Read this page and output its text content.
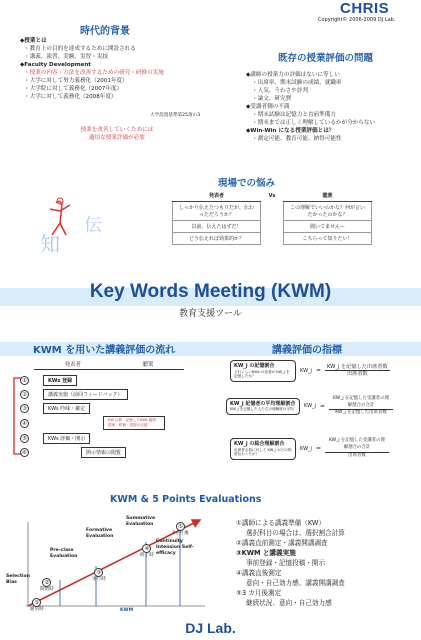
CHRIS
Copyright© 2006-2009 DJ Lab.
時代的背景
◆授業とは
・教育上の目的を達成するために開設される
・講義、演習、実験、実習・実技
◆Faculty Development
・授業の内容・方法を改善するための研究・研修の実施
・大学に対して努力義務化（2001年度）
・大学院に対して義務化（2007年度）
・大学に対して義務化（2008年度）
大学設置基準第25条の3
授業を改善していくためには
適切な授業評価が必要
既存の授業評価の問題
◆講師の授業力の評価はないに等しい
・出席率、期末試験の成績、就職率
・人気、うわさや評判
・論文、研究費
◆受講者側の不満
・期末試験は記憶力と直前準備力
・期末までは正しく理解しているかが分からない
◆Win-Win になる授業評価とは？
・測定可能、教育可能、納得可能性
現場での悩み
知
伝
発表者	Vs	聴衆
しっかり伝えたつもりだが、伝わっただろうか？		この理解でいいのかな？何が言いたかったのかな？
以前、伝えたはずだ！		聞いてませんー
どう伝えれば効果的か？		こちらって知りたい！
Key Words Meeting (KWM)
教育支援ツール
KWM を用いた講義評価の流れ
発表者	聴衆
①	KWs 登録
②	講義実施（前回フィードバック）
③	KWs 吟味・確定
④
KW 合算・記憶したKWs 範囲・提案・候補・把握の記録
⑤	KWs 評価・開示
⑥	開示情報の閲覧
講義評価の指標
KW_j の記憶割合
どれくらいKWs の表者が KW_j を記憶したか？
KW_j = $\frac{\text{KW\_j を記憶した出席者数}}{\text{出席者数}}$
KW_j 記憶者の平均理解割合
KW_j を記憶した人たちの理解度の平均	KW_j = $\frac{\text{KW\_j を記憶した受講者の理解割合の合計}}{\text{KW\_j を記憶した出席者数}}$
KW_j の総合理解割合
出席者全員に対して KW_j がどの程度伝わったか？
KW_j = $\frac{\text{KW\_j を記憶した受講者の理解割合の合計}}{\text{出席者数}}$
KWM & 5 Points Evaluations
Selection Bias
Pre-class Evaluation
Formative Evaluation
Summative Evaluation
Continuity Intension Self-efficacy
①
通常時
②
開始時
③
実行時
④
終了時
⑤
3ヵ月後
KWM
①講師による講義準備（KW）
選択科目の場合は、選択割合計算
②講義直前測定・講義開講調査
③KWM と講義実施
事前登録・記憶投稿・開示
④講義直後測定
意向・自己効力感、講義開講調査
⑤3 カ月後測定
継続状況、意向・自己効力感
DJ Lab.
